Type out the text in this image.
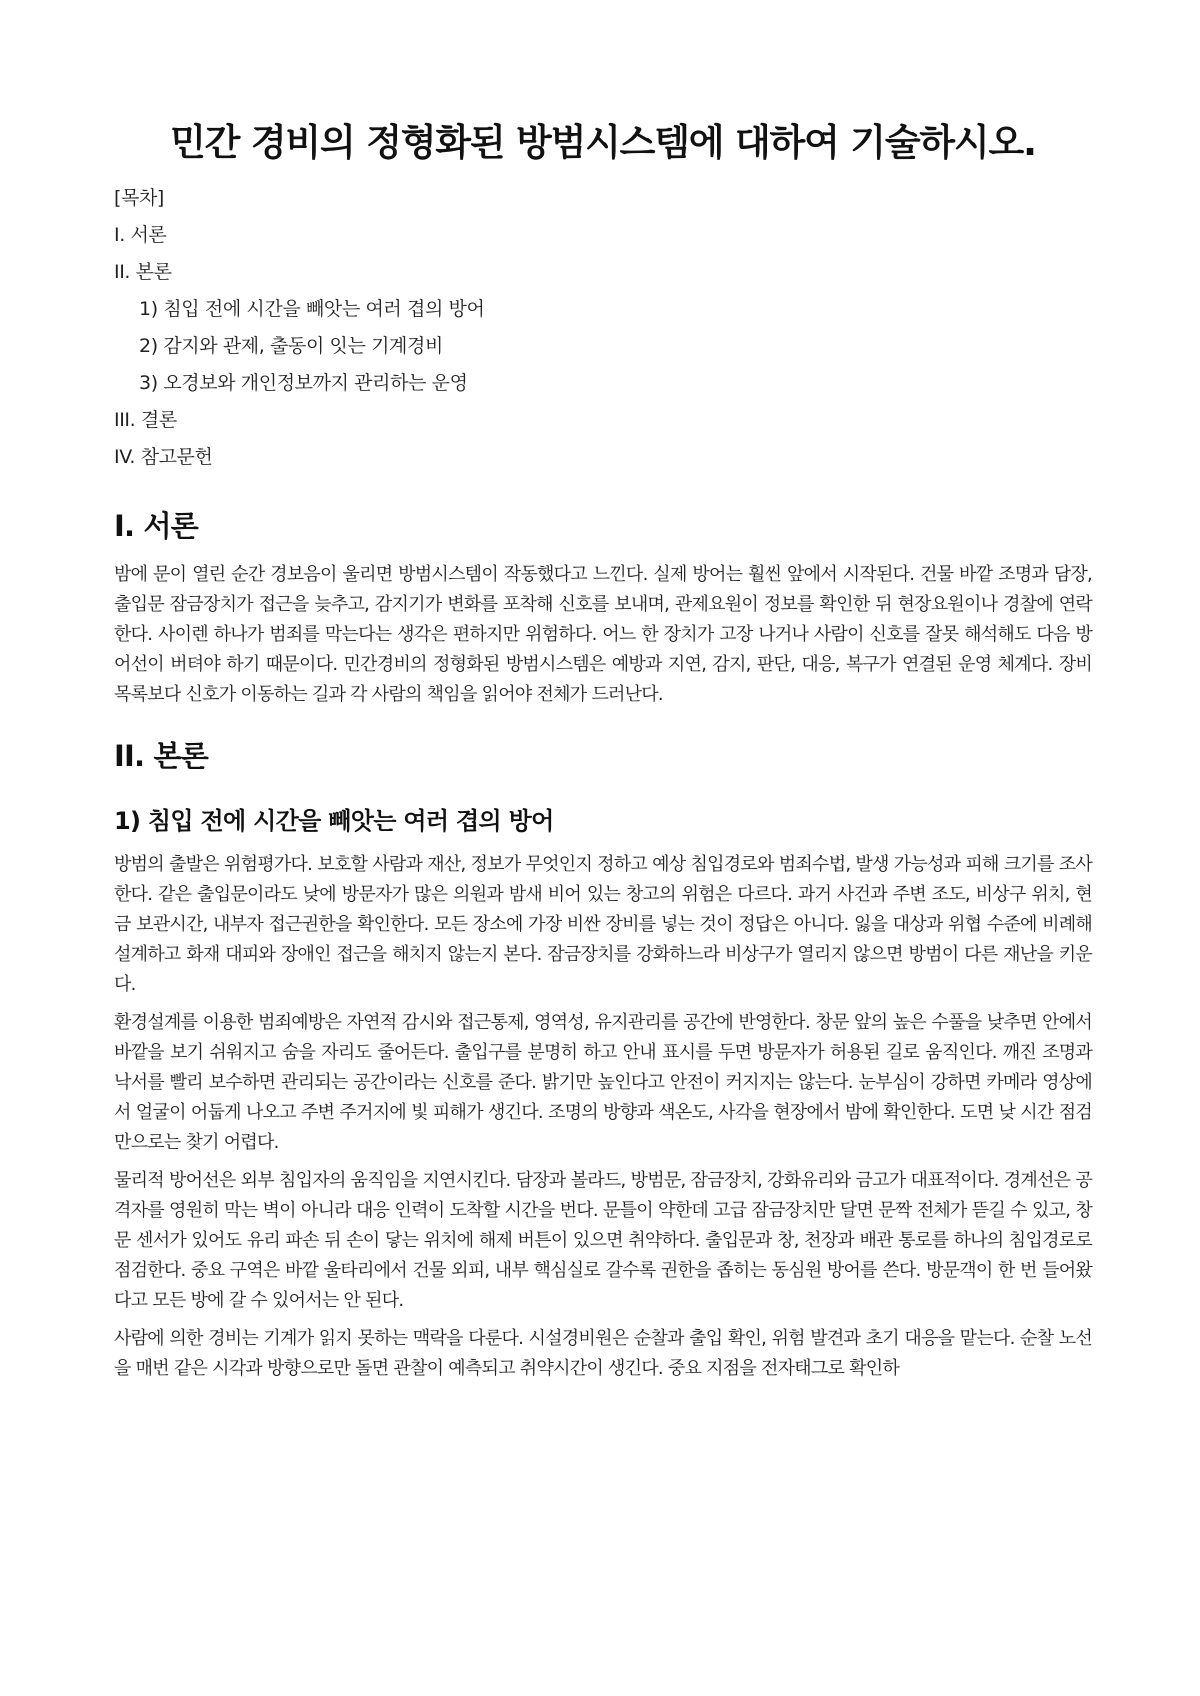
민간 경비의 정형화된 방범시스템에 대하여 기술하시오.
[목차]
I. 서론
II. 본론
1) 침입 전에 시간을 빼앗는 여러 겹의 방어
2) 감지와 관제, 출동이 잇는 기계경비
3) 오경보와 개인정보까지 관리하는 운영
III. 결론
IV. 참고문헌
I. 서론

밤에 문이 열린 순간 경보음이 울리면 방범시스템이 작동했다고 느낀다. 실제 방어는 훨씬 앞에서 시작된다. 건물 바깥 조명과 담장, 출입문 잠금장치가 접근을 늦추고, 감지기가 변화를 포착해 신호를 보내며, 관제요원이 정보를 확인한 뒤 현장요원이나 경찰에 연락한다. 사이렌 하나가 범죄를 막는다는 생각은 편하지만 위험하다. 어느 한 장치가 고장 나거나 사람이 신호를 잘못 해석해도 다음 방어선이 버텨야 하기 때문이다. 민간경비의 정형화된 방범시스템은 예방과 지연, 감지, 판단, 대응, 복구가 연결된 운영 체계다. 장비 목록보다 신호가 이동하는 길과 각 사람의 책임을 읽어야 전체가 드러난다.

II. 본론
1) 침입 전에 시간을 빼앗는 여러 겹의 방어

방범의 출발은 위험평가다. 보호할 사람과 재산, 정보가 무엇인지 정하고 예상 침입경로와 범죄수법, 발생 가능성과 피해 크기를 조사한다. 같은 출입문이라도 낮에 방문자가 많은 의원과 밤새 비어 있는 창고의 위험은 다르다. 과거 사건과 주변 조도, 비상구 위치, 현금 보관시간, 내부자 접근권한을 확인한다. 모든 장소에 가장 비싼 장비를 넣는 것이 정답은 아니다. 잃을 대상과 위협 수준에 비례해 설계하고 화재 대피와 장애인 접근을 해치지 않는지 본다. 잠금장치를 강화하느라 비상구가 열리지 않으면 방범이 다른 재난을 키운다.

환경설계를 이용한 범죄예방은 자연적 감시와 접근통제, 영역성, 유지관리를 공간에 반영한다. 창문 앞의 높은 수풀을 낮추면 안에서 바깥을 보기 쉬워지고 숨을 자리도 줄어든다. 출입구를 분명히 하고 안내 표시를 두면 방문자가 허용된 길로 움직인다. 깨진 조명과 낙서를 빨리 보수하면 관리되는 공간이라는 신호를 준다. 밝기만 높인다고 안전이 커지지는 않는다. 눈부심이 강하면 카메라 영상에서 얼굴이 어둡게 나오고 주변 주거지에 빛 피해가 생긴다. 조명의 방향과 색온도, 사각을 현장에서 밤에 확인한다. 도면 낮 시간 점검만으로는 찾기 어렵다.

물리적 방어선은 외부 침입자의 움직임을 지연시킨다. 담장과 볼라드, 방범문, 잠금장치, 강화유리와 금고가 대표적이다. 경계선은 공격자를 영원히 막는 벽이 아니라 대응 인력이 도착할 시간을 번다. 문틀이 약한데 고급 잠금장치만 달면 문짝 전체가 뜯길 수 있고, 창문 센서가 있어도 유리 파손 뒤 손이 닿는 위치에 해제 버튼이 있으면 취약하다. 출입문과 창, 천장과 배관 통로를 하나의 침입경로로 점검한다. 중요 구역은 바깥 울타리에서 건물 외피, 내부 핵심실로 갈수록 권한을 좁히는 동심원 방어를 쓴다. 방문객이 한 번 들어왔다고 모든 방에 갈 수 있어서는 안 된다.

사람에 의한 경비는 기계가 읽지 못하는 맥락을 다룬다. 시설경비원은 순찰과 출입 확인, 위험 발견과 초기 대응을 맡는다. 순찰 노선을 매번 같은 시각과 방향으로만 돌면 관찰이 예측되고 취약시간이 생긴다. 중요 지점을 전자태그로 확인하
